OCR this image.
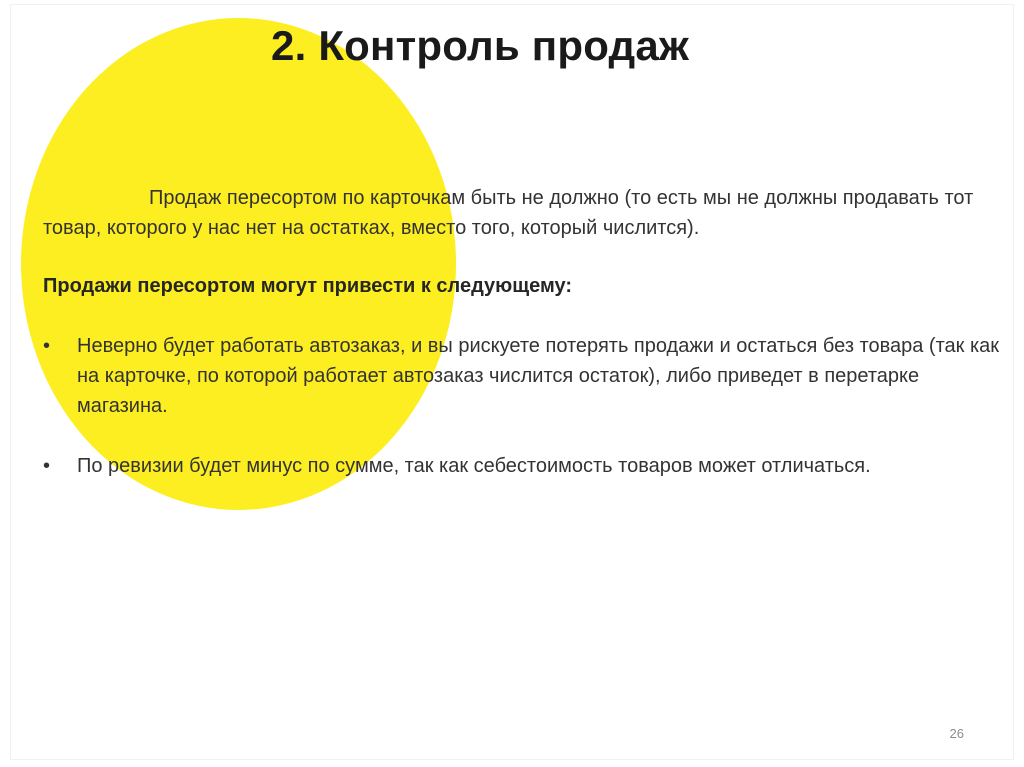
2. Контроль продаж

Продаж пересортом по карточкам быть не должно (то есть мы не должны продавать тот товар, которого у нас нет на остатках, вместо того, который числится).

Продажи пересортом могут привести к следующему:

• Неверно будет работать автозаказ, и вы рискуете потерять продажи и остаться без товара (так как на карточке, по которой работает автозаказ числится остаток), либо приведет в перетарке магазина.
• По ревизии будет минус по сумме, так как себестоимость товаров может отличаться.
26
